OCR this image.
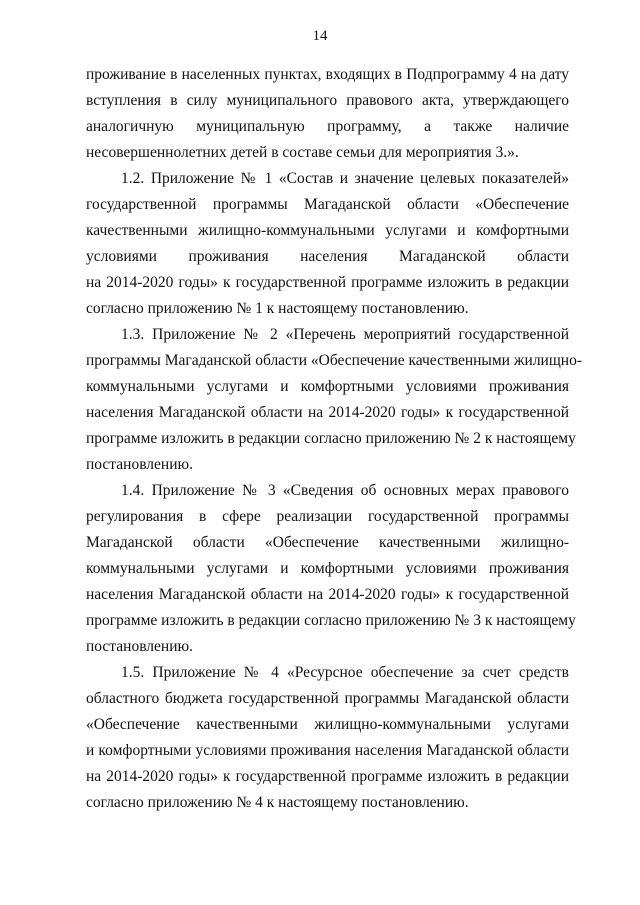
14
проживание в населенных пунктах, входящих в Подпрограмму 4 на дату
вступления в силу муниципального правового акта, утверждающего
аналогичную муниципальную программу, а также наличие
несовершеннолетних детей в составе семьи для мероприятия 3.».
1.2. Приложение № 1 «Состав и значение целевых показателей»
государственной программы Магаданской области «Обеспечение
качественными жилищно-коммунальными услугами и комфортными
условиями проживания населения Магаданской области
на 2014-2020 годы» к государственной программе изложить в редакции
согласно приложению № 1 к настоящему постановлению.
1.3. Приложение № 2 «Перечень мероприятий государственной
программы Магаданской области «Обеспечение качественными жилищно-
коммунальными услугами и комфортными условиями проживания
населения Магаданской области на 2014-2020 годы» к государственной
программе изложить в редакции согласно приложению № 2 к настоящему
постановлению.
1.4. Приложение № 3 «Сведения об основных мерах правового
регулирования в сфере реализации государственной программы
Магаданской области «Обеспечение качественными жилищно-
коммунальными услугами и комфортными условиями проживания
населения Магаданской области на 2014-2020 годы» к государственной
программе изложить в редакции согласно приложению № 3 к настоящему
постановлению.
1.5. Приложение № 4 «Ресурсное обеспечение за счет средств
областного бюджета государственной программы Магаданской области
«Обеспечение качественными жилищно-коммунальными услугами
и комфортными условиями проживания населения Магаданской области
на 2014-2020 годы» к государственной программе изложить в редакции
согласно приложению № 4 к настоящему постановлению.
